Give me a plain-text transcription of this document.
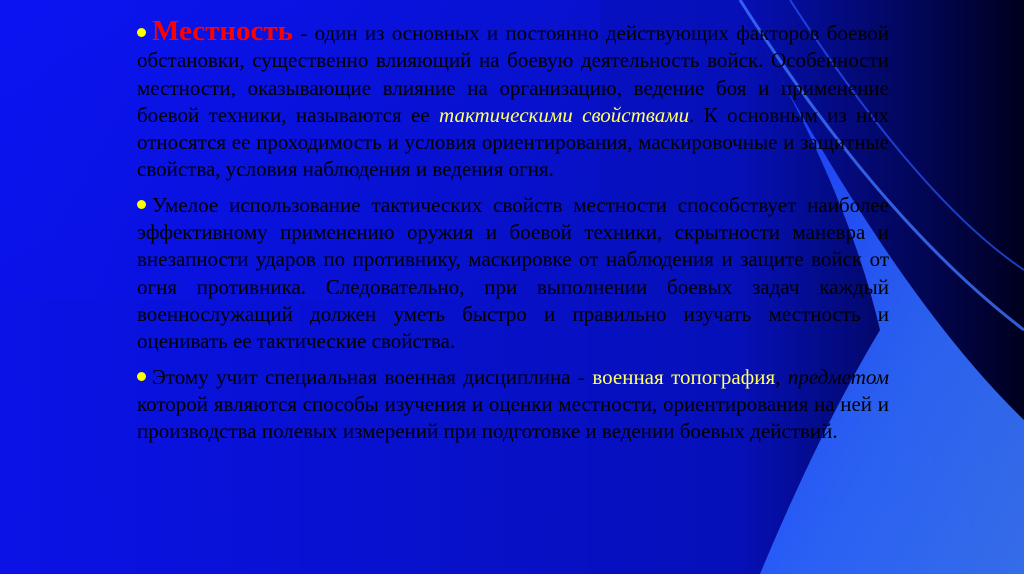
Местность - один из основных и постоянно действующих факторов боевой обстановки, существенно влияющий на боевую деятельность войск. Особенности местности, оказывающие влияние на организацию, ведение боя и применение боевой техники, называются ее тактическими свойствами. К основным из них относятся ее проходимость и условия ориентирования, маскировочные и защитные свойства, условия наблюдения и ведения огня.

Умелое использование тактических свойств местности способствует наиболее эффективному применению оружия и боевой техники, скрытности маневра и внезапности ударов по противнику, маскировке от наблюдения и защите войск от огня противника. Следовательно, при выполнении боевых задач каждый военнослужащий должен уметь быстро и правильно изучать местность и оценивать ее тактические свойства.

Этому учит специальная военная дисциплина - военная топография, предметом которой являются способы изучения и оценки местности, ориентирования на ней и производства полевых измерений при подготовке и ведении боевых действий.
